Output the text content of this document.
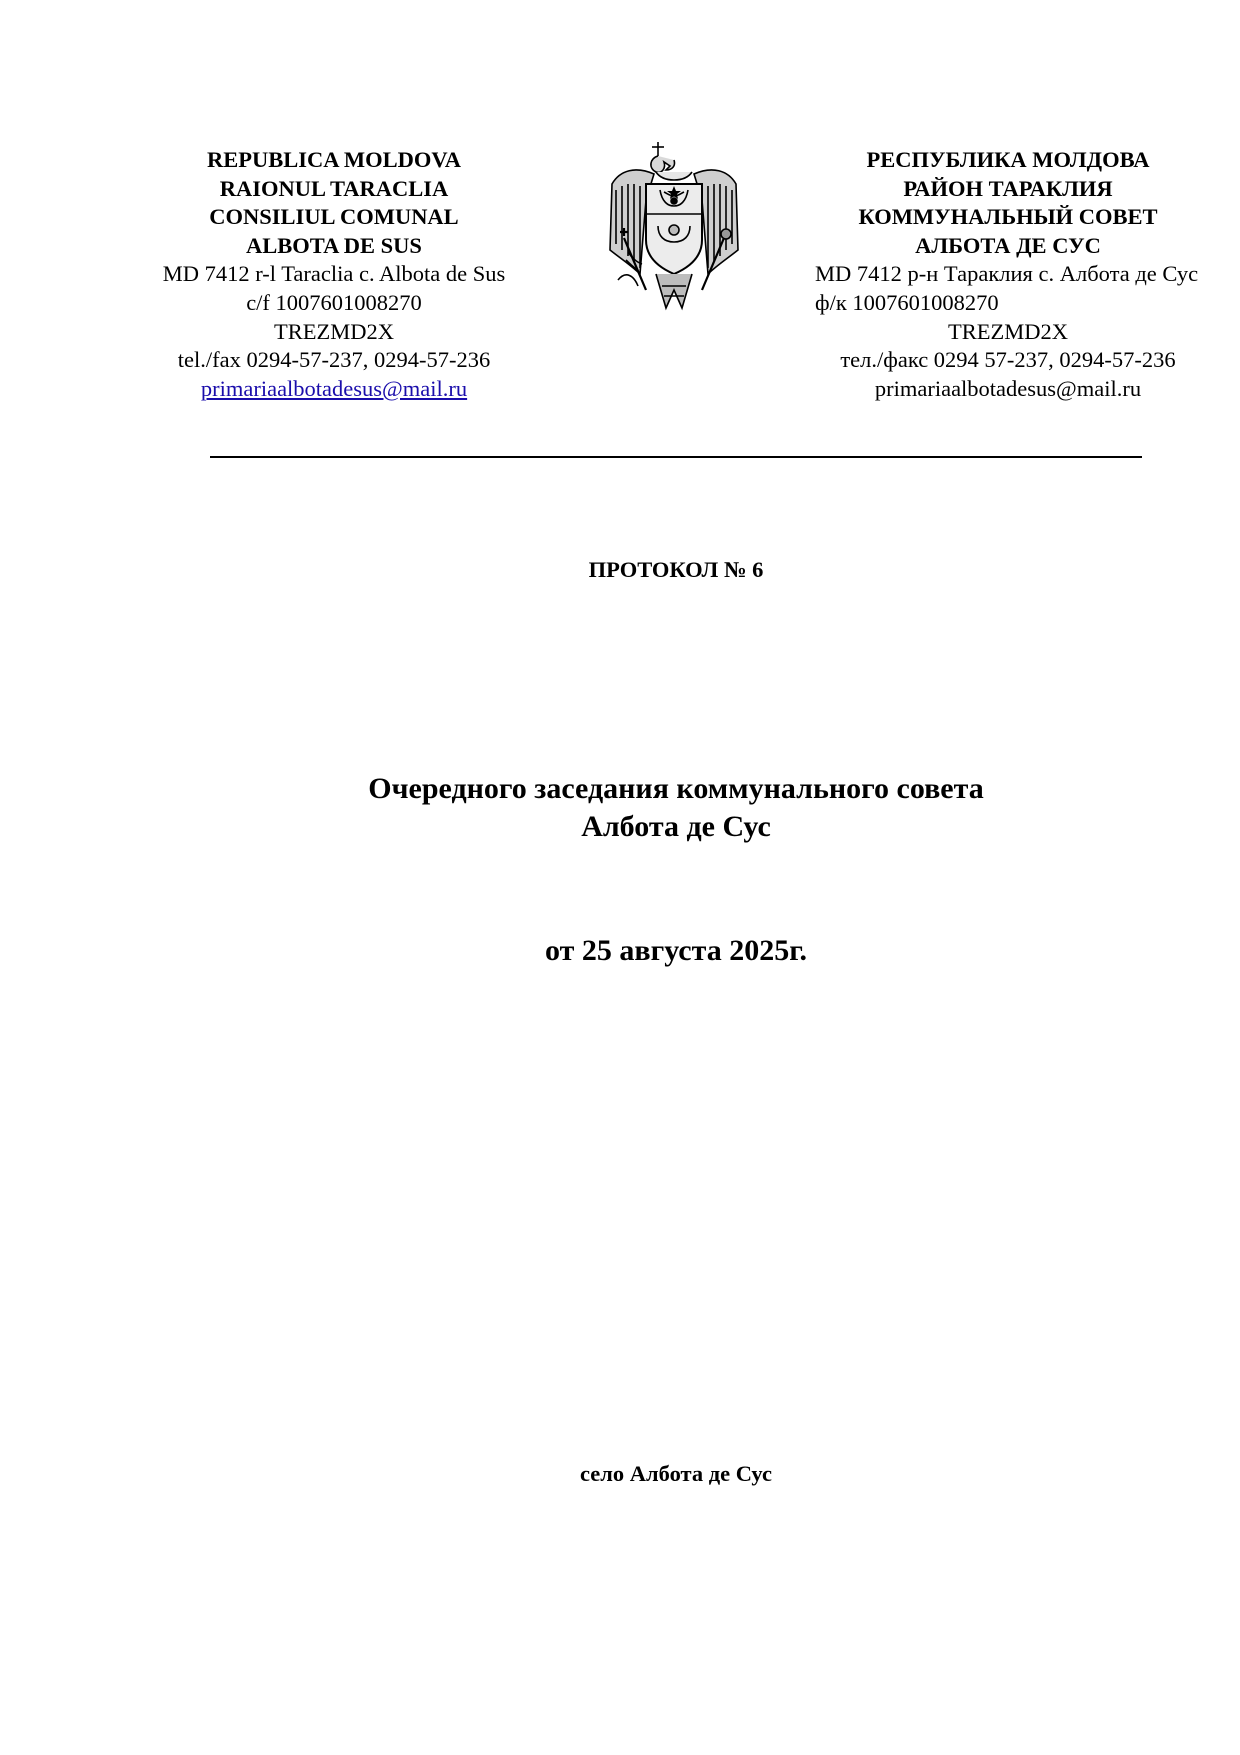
REPUBLICA MOLDOVA
RAIONUL TARACLIA
CONSILIUL COMUNAL
ALBOTA DE SUS
MD 7412 r-l Taraclia c. Albota de Sus
c/f 1007601008270
TREZMD2X
tel./fax 0294-57-237, 0294-57-236
primariaalbotadesus@mail.ru
РЕСПУБЛИКА МОЛДОВА
РАЙОН ТАРАКЛИЯ
КОММУНАЛЬНЫЙ СОВЕТ
АЛБОТА ДЕ СУС
MD 7412 р-н Тараклия с. Албота де Сус ф/к 1007601008270
TREZMD2X
тел./факс 0294 57-237, 0294-57-236
primariaalbotadesus@mail.ru
ПРОТОКОЛ № 6
Очередного заседания коммунального совета
Албота де Сус
от 25 августа 2025г.
село Албота де Сус
